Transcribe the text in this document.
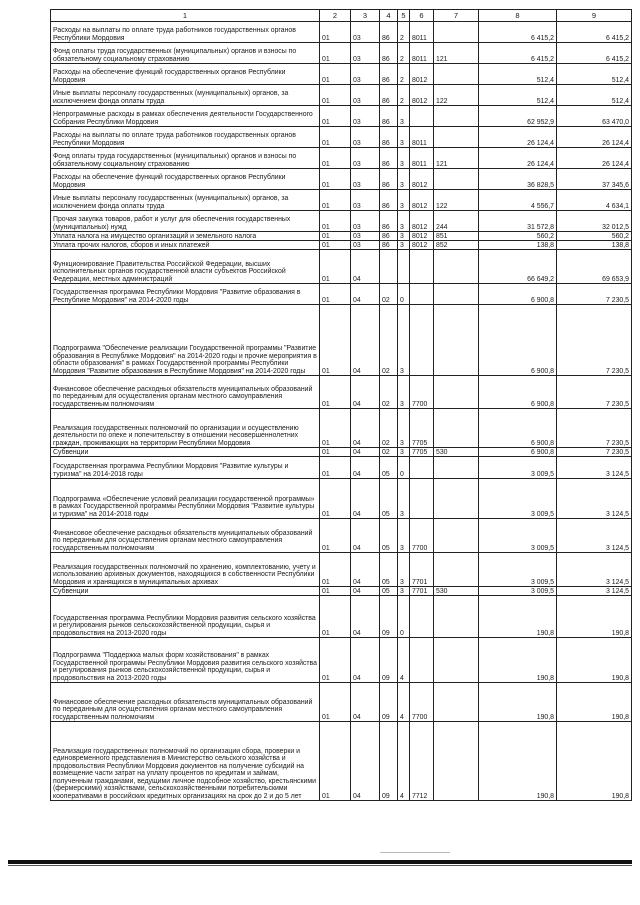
1	2	3	4	5	6	7	8	9
Расходы на выплаты по оплате труда работников государственных органов Республики Мордовия	01	03	86	2	8011		6 415,2	6 415,2
Фонд оплаты труда государственных (муниципальных) органов и взносы по обязательному социальному страхованию	01	03	86	2	8011	121	6 415,2	6 415,2
Расходы на обеспечение функций государственных органов Республики Мордовия	01	03	86	2	8012		512,4	512,4
Иные выплаты персоналу государственных (муниципальных) органов, за исключением фонда оплаты труда	01	03	86	2	8012	122	512,4	512,4
Непрограммные расходы в рамках обеспечения деятельности Государственного Собрания Республики Мордовия	01	03	86	3			62 952,9	63 470,0
Расходы на выплаты по оплате труда работников государственных органов Республики Мордовия	01	03	86	3	8011		26 124,4	26 124,4
Фонд оплаты труда государственных (муниципальных) органов и взносы по обязательному социальному страхованию	01	03	86	3	8011	121	26 124,4	26 124,4
Расходы на обеспечение функций государственных органов Республики Мордовия	01	03	86	3	8012		36 828,5	37 345,6
Иные выплаты персоналу государственных (муниципальных) органов, за исключением фонда оплаты труда	01	03	86	3	8012	122	4 556,7	4 634,1
Прочая закупка товаров, работ и услуг для обеспечения государственных (муниципальных) нужд	01	03	86	3	8012	244	31 572,8	32 012,5
Уплата налога на имущество организаций и земельного налога	01	03	86	3	8012	851	560,2	560,2
Уплата прочих налогов, сборов и иных платежей	01	03	86	3	8012	852	138,8	138,8
Функционирование Правительства Российской Федерации, высших исполнительных органов государственной власти субъектов Российской Федерации, местных администраций	01	04					66 649,2	69 653,9
Государственная программа Республики Мордовия "Развитие образования в Республике Мордовия" на 2014-2020 годы	01	04	02	0			6 900,8	7 230,5
Подпрограмма "Обеспечение реализации Государственной программы "Развитие образования в Республике Мордовия" на 2014-2020 годы и прочие мероприятия в области образования" в рамках Государственной программы Республики Мордовия "Развитие образования в Республике Мордовия" на 2014-2020 годы	01	04	02	3			6 900,8	7 230,5
Финансовое обеспечение расходных обязательств муниципальных образований по переданным для осуществления органам местного самоуправления государственным полномочиям	01	04	02	3	7700		6 900,8	7 230,5
Реализация государственных полномочий по организации и осуществлению деятельности по опеке и попечительству в отношении несовершеннолетних граждан, проживающих на территории Республики Мордовия	01	04	02	3	7705		6 900,8	7 230,5
Субвенции	01	04	02	3	7705	530	6 900,8	7 230,5
Государственная программа Республики Мордовия "Развитие культуры и туризма" на 2014-2018 годы	01	04	05	0			3 009,5	3 124,5
Подпрограмма «Обеспечение условий реализации государственной программы» в рамках Государственной программы Республики Мордовия "Развитие культуры и туризма" на 2014-2018 годы	01	04	05	3			3 009,5	3 124,5
Финансовое обеспечение расходных обязательств муниципальных образований по переданным для осуществления органам местного самоуправления государственным полномочиям	01	04	05	3	7700		3 009,5	3 124,5
Реализация государственных полномочий по хранению, комплектованию, учету и использованию архивных документов, находящихся в собственности Республики Мордовия и хранящихся в муниципальных архивах	01	04	05	3	7701		3 009,5	3 124,5
Субвенции	01	04	05	3	7701	530	3 009,5	3 124,5
Государственная программа Республики Мордовия развития сельского хозяйства и регулирования рынков сельскохозяйственной продукции, сырья и продовольствия на 2013-2020 годы	01	04	09	0			190,8	190,8
Подпрограмма "Поддержка малых форм хозяйствования" в рамках Государственной программы Республики Мордовия развития сельского хозяйства и регулирования рынков сельскохозяйственной продукции, сырья и продовольствия на 2013-2020 годы	01	04	09	4			190,8	190,8
Финансовое обеспечение расходных обязательств муниципальных образований по переданным для осуществления органам местного самоуправления государственным полномочиям	01	04	09	4	7700		190,8	190,8
Реализация государственных полномочий по организации сбора, проверки и единовременного представления в Министерство сельского хозяйства и продовольствия Республики Мордовия документов на получение субсидий на возмещение части затрат на уплату процентов по кредитам и займам, полученным гражданами, ведущими личное подсобное хозяйство, крестьянскими (фермерскими) хозяйствами, сельскохозяйственными потребительскими кооперативами в российских кредитных организациях на срок до 2 и до 5 лет	01	04	09	4	7712		190,8	190,8
